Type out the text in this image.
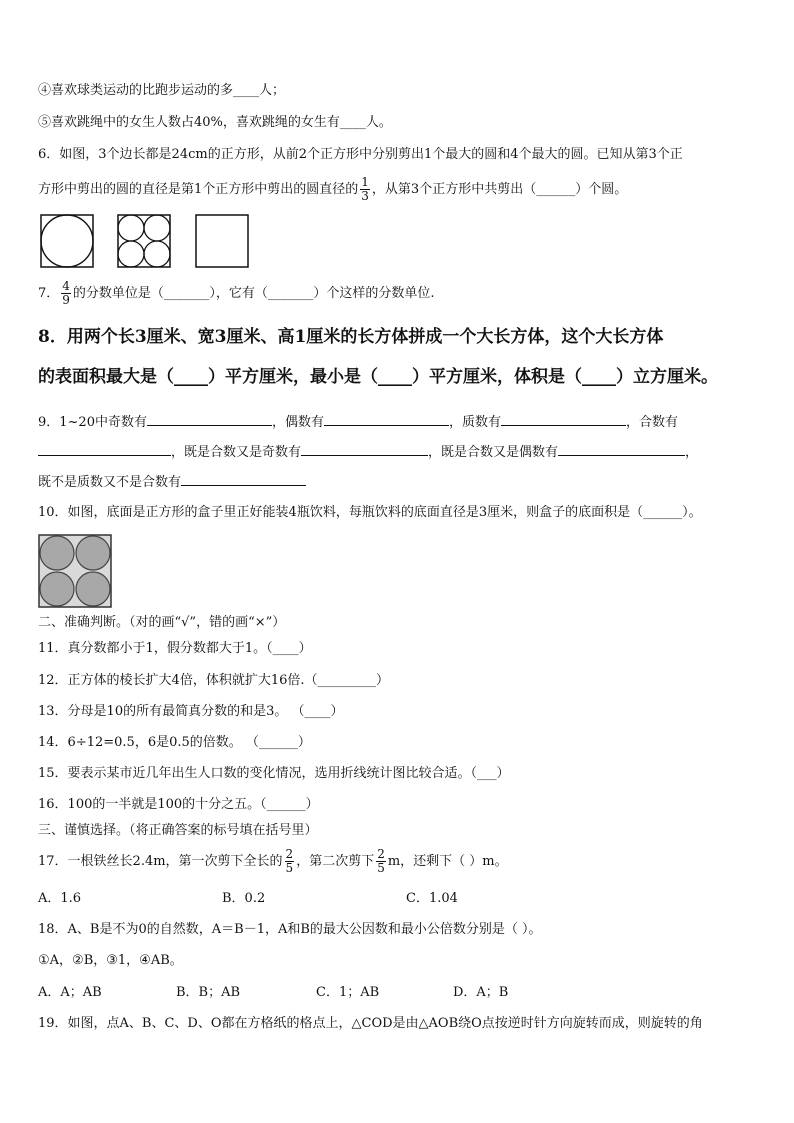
④喜欢球类运动的比跑步运动的多____人；
⑤喜欢跳绳中的女生人数占40%，喜欢跳绳的女生有____人。
6．如图，3个边长都是24cm的正方形，从前2个正方形中分别剪出1个最大的圆和4个最大的圆。已知从第3个正
方形中剪出的圆的直径是第1个正方形中剪出的圆直径的 $\frac{1}{3}$ ，从第3个正方形中共剪出（______）个圆。
7． $\frac{4}{9}$ 的分数单位是（_______），它有（_______）个这样的分数单位.
8．用两个长3厘米、宽3厘米、高1厘米的长方体拼成一个大长方体，这个大长方体
的表面积最大是（____）平方厘米，最小是（____）平方厘米，体积是（____）立方厘米。
9．1~20中奇数有	，偶数有	，质数有	，合数有
，既是合数又是奇数有	，既是合数又是偶数有	，
既不是质数又不是合数有
10．如图，底面是正方形的盒子里正好能装4瓶饮料，每瓶饮料的底面直径是3厘米，则盒子的底面积是（______）。
二、准确判断。（对的画“√”，错的画“×”）
11．真分数都小于1，假分数都大于1。（____）
12．正方体的棱长扩大4倍，体积就扩大16倍.（_________）
13．分母是10的所有最简真分数的和是3。 （____）
14．6÷12=0.5，6是0.5的倍数。 （______）
15．要表示某市近几年出生人口数的变化情况，选用折线统计图比较合适。（___）
16．100的一半就是100的十分之五。（______）
三、谨慎选择。（将正确答案的标号填在括号里）
17．一根铁丝长2.4m，第一次剪下全长的 $\frac{2}{5}$ ，第二次剪下 $\frac{2}{5}$ m，还剩下（ ）m。
A．1.6	B．0.2	C．1.04
18．A、B是不为0的自然数，A＝B－1，A和B的最大公因数和最小公倍数分别是（ ）。
①A，②B，③1，④AB。
A．A；AB	B．B；AB	C．1；AB	D．A；B
19．如图，点A、B、C、D、O都在方格纸的格点上，△COD是由△AOB绕O点按逆时针方向旋转而成，则旋转的角
